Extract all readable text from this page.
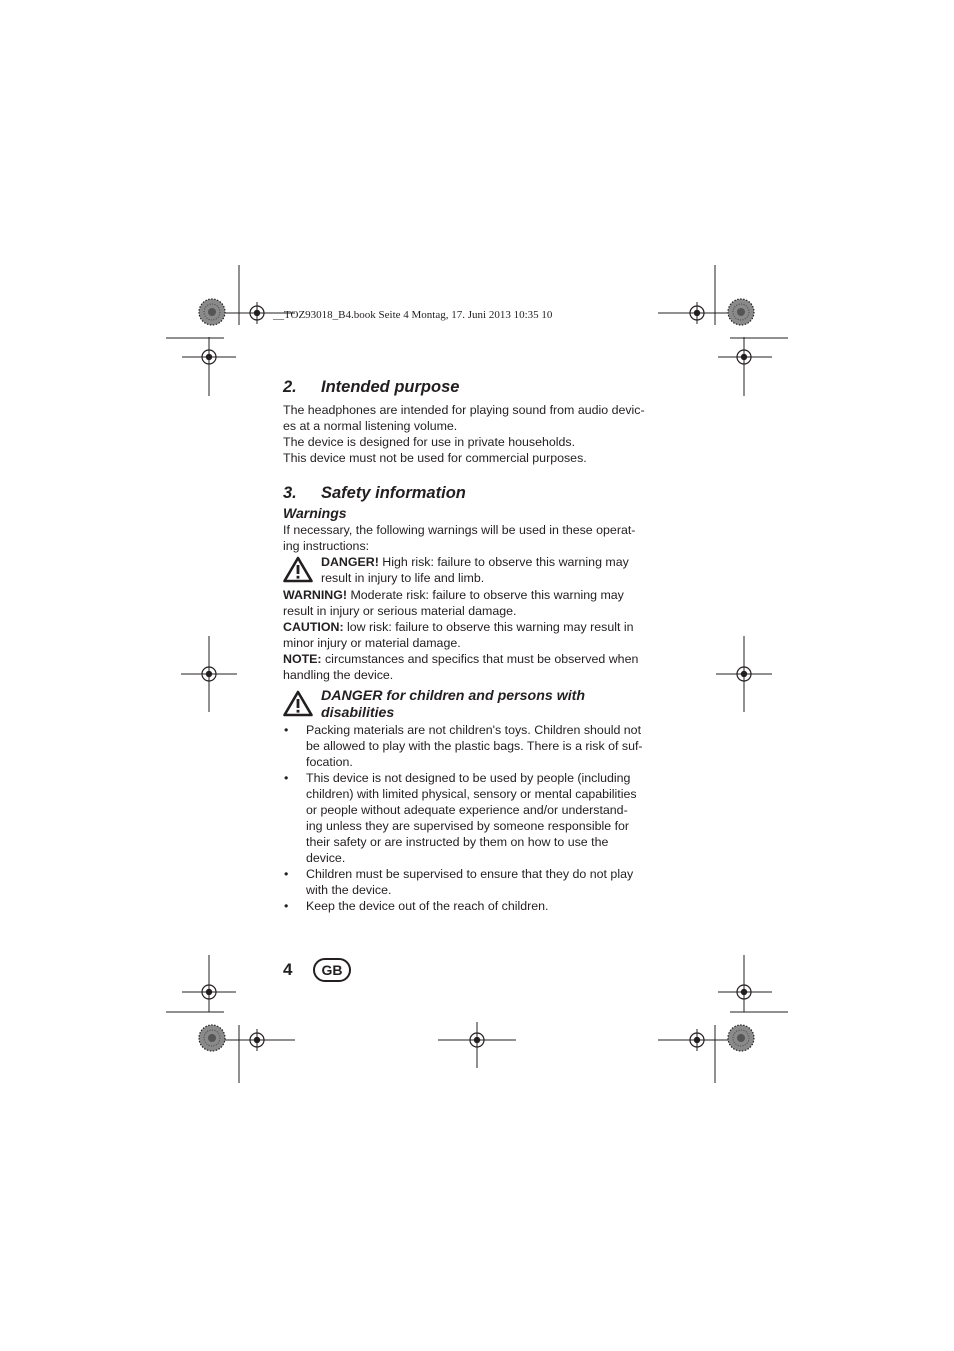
__TOZ93018_B4.book Seite 4 Montag, 17. Juni 2013 10:35 10
2.	Intended purpose

The headphones are intended for playing sound from audio devic-

es at a normal listening volume.

The device is designed for use in private households.

This device must not be used for commercial purposes.

3.	Safety information
Warnings

If necessary, the following warnings will be used in these operat-

ing instructions:

DANGER! High risk: failure to observe this warning may

result in injury to life and limb.

WARNING! Moderate risk: failure to observe this warning may

result in injury or serious material damage.

CAUTION: low risk: failure to observe this warning may result in

minor injury or material damage.

NOTE: circumstances and specifics that must be observed when

handling the device.

DANGER for children and persons with
disabilities
• Packing materials are not children's toys. Children should not
be allowed to play with the plastic bags. There is a risk of suf-
focation.
• This device is not designed to be used by people (including
children) with limited physical, sensory or mental capabilities
or people without adequate experience and/or understand-
ing unless they are supervised by someone responsible for
their safety or are instructed by them on how to use the
device.
• Children must be supervised to ensure that they do not play
with the device.
• Keep the device out of the reach of children.
4	GB
